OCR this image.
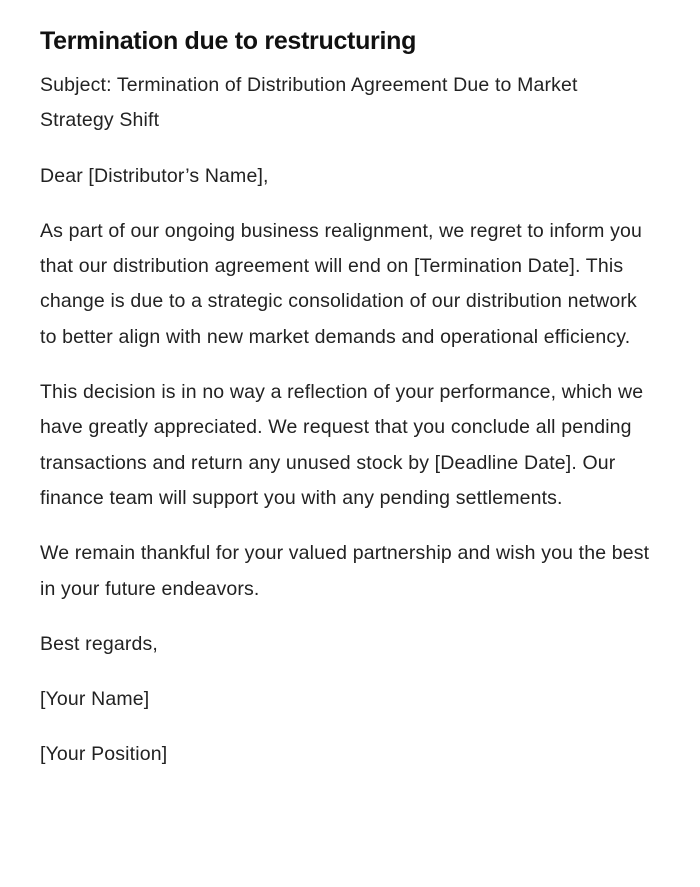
Termination due to restructuring

Subject: Termination of Distribution Agreement Due to Market Strategy Shift

Dear [Distributor’s Name],

As part of our ongoing business realignment, we regret to inform you that our distribution agreement will end on [Termination Date]. This change is due to a strategic consolidation of our distribution network to better align with new market demands and operational efficiency.

This decision is in no way a reflection of your performance, which we have greatly appreciated. We request that you conclude all pending transactions and return any unused stock by [Deadline Date]. Our finance team will support you with any pending settlements.

We remain thankful for your valued partnership and wish you the best in your future endeavors.

Best regards,

[Your Name]

[Your Position]
